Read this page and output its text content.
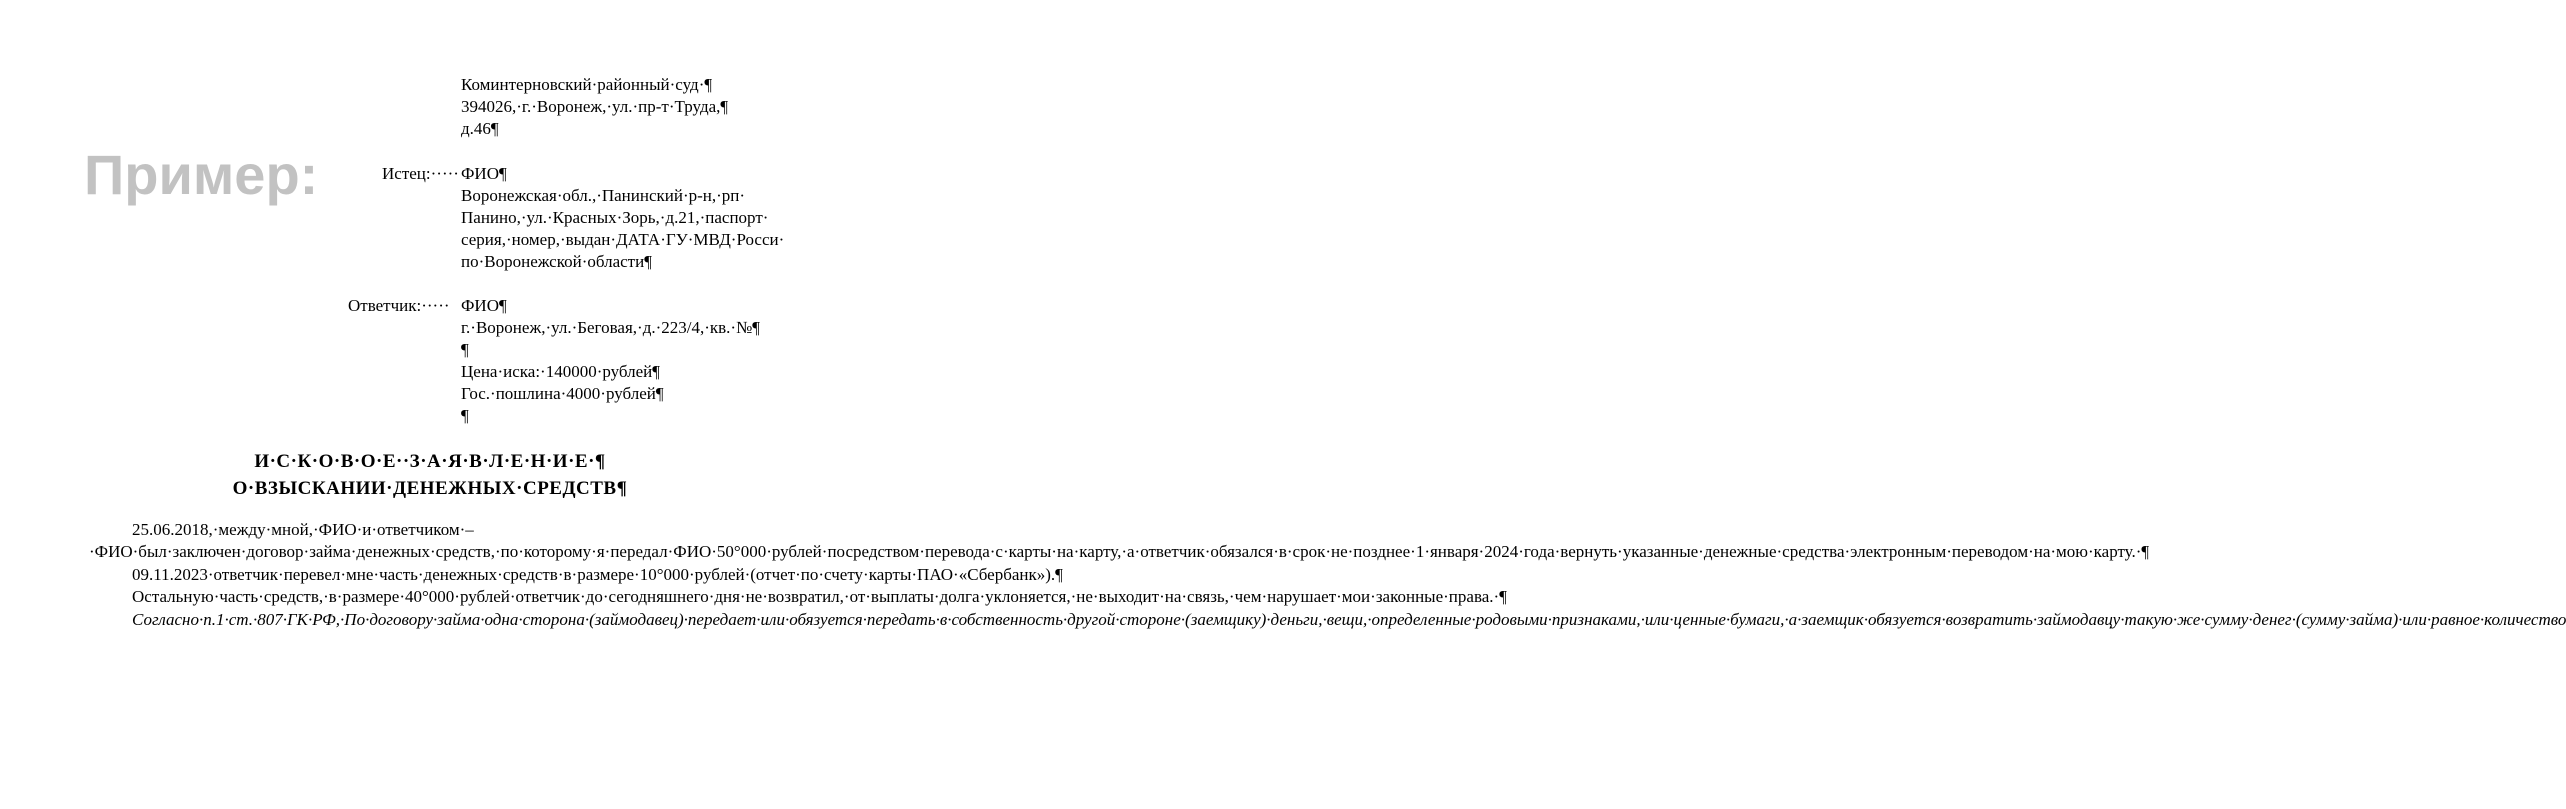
Пример:
Коминтерновский·районный·суд·¶
394026,·г.·Воронеж,·ул.·пр-т·Труда,¶
д.46¶
Истец:····· ФИО¶
Воронежская·обл.,·Панинский·р-н,·рп·
Панино,·ул.·Красных·Зорь,·д.21,·паспорт·
серия,·номер,·выдан·ДАТА·ГУ·МВД·Росси·
по·Воронежской·области¶
Ответчик:····· ФИО¶
г.·Воронеж,·ул.·Беговая,·д.·223/4,·кв.·№¶
¶
Цена·иска:·140000·рублей¶
Гос.·пошлина·4000·рублей¶
¶
И·С·К·О·В·О·Е··З·А·Я·В·Л·Е·Н·И·Е·¶
О·ВЗЫСКАНИИ·ДЕНЕЖНЫХ·СРЕДСТВ¶

25.06.2018,·между·мной,·ФИО·и·ответчиком·–·ФИО·был·заключен·договор·займа·денежных·средств,·по·которому·я·передал·ФИО·50°000·рублей·посредством·перевода·с·карты·на·карту,·а·ответчик·обязался·в·срок·не·позднее·1·января·2024·года·вернуть·указанные·денежные·средства·электронным·переводом·на·мою·карту.·¶

09.11.2023·ответчик·перевел·мне·часть·денежных·средств·в·размере·10°000·рублей·(отчет·по·счету·карты·ПАО·«Сбербанк»).¶

Остальную·часть·средств,·в·размере·40°000·рублей·ответчик·до·сегодняшнего·дня·не·возвратил,·от·выплаты·долга·уклоняется,·не·выходит·на·связь,·чем·нарушает·мои·законные·права.·¶

Согласно·п.1·ст.·807·ГК·РФ,·По·договору·займа·одна·сторона·(займодавец)·передает·или·обязуется·передать·в·собственность·другой·стороне·(заемщику)·деньги,·вещи,·определенные·родовыми·признаками,·или·ценные·бумаги,·а·заемщик·обязуется·возвратить·займодавцу·такую·же·сумму·денег·(сумму·займа)·или·равное·количество
